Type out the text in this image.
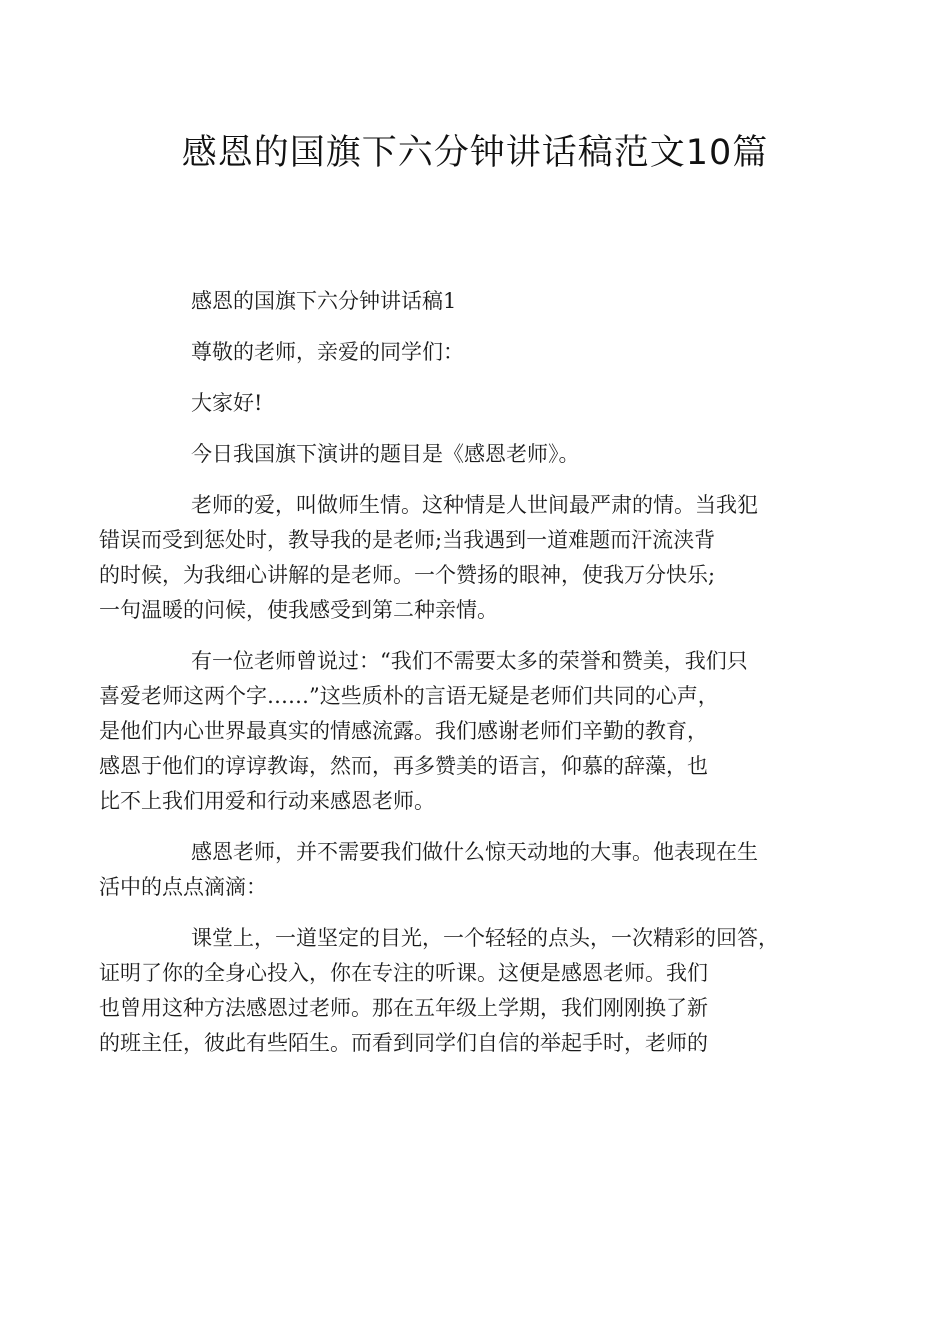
感恩的国旗下六分钟讲话稿范文10篇
感恩的国旗下六分钟讲话稿1
尊敬的老师，亲爱的同学们：
大家好!
今日我国旗下演讲的题目是《感恩老师》。
老师的爱，叫做师生情。这种情是人世间最严肃的情。当我犯
错误而受到惩处时，教导我的是老师;当我遇到一道难题而汗流浃背
的时候，为我细心讲解的是老师。一个赞扬的眼神，使我万分快乐;
一句温暖的问候，使我感受到第二种亲情。
有一位老师曾说过：“我们不需要太多的荣誉和赞美，我们只
喜爱老师这两个字……”这些质朴的言语无疑是老师们共同的心声，
是他们内心世界最真实的情感流露。我们感谢老师们辛勤的教育，
感恩于他们的谆谆教诲，然而，再多赞美的语言，仰慕的辞藻，也
比不上我们用爱和行动来感恩老师。
感恩老师，并不需要我们做什么惊天动地的大事。他表现在生
活中的点点滴滴：
课堂上，一道坚定的目光，一个轻轻的点头，一次精彩的回答，
证明了你的全身心投入，你在专注的听课。这便是感恩老师。我们
也曾用这种方法感恩过老师。那在五年级上学期，我们刚刚换了新
的班主任，彼此有些陌生。而看到同学们自信的举起手时，老师的
